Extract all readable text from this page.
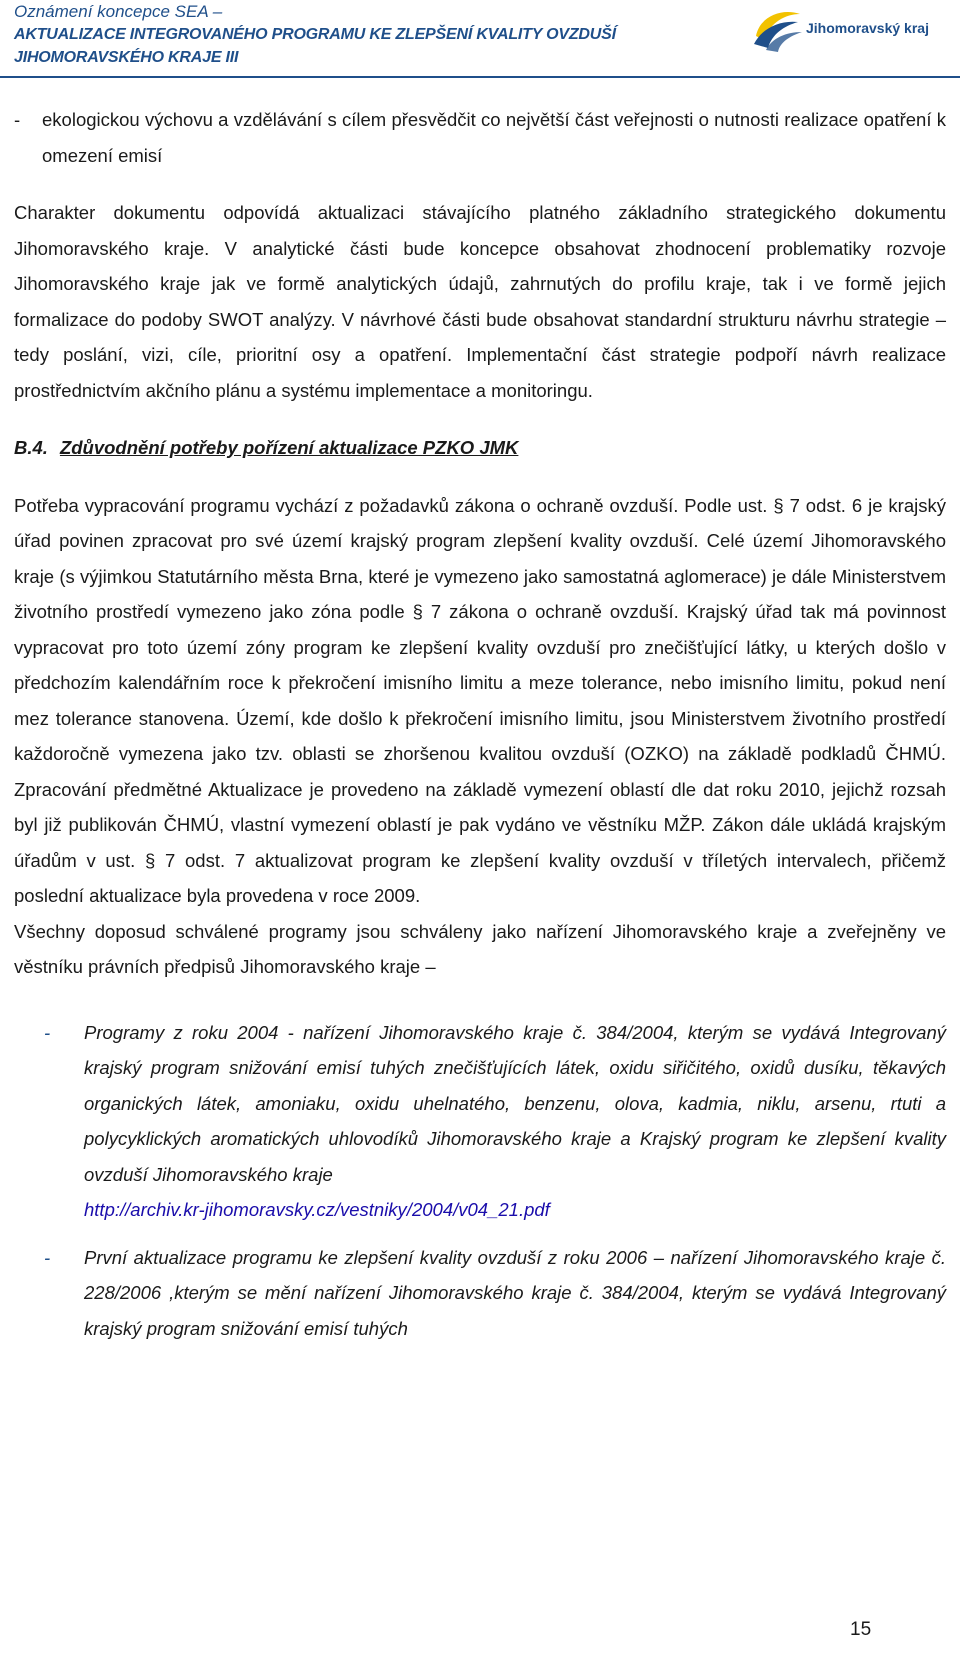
Oznámení koncepce SEA –
AKTUALIZACE INTEGROVANÉHO PROGRAMU KE ZLEPŠENÍ KVALITY OVZDUŠÍ
JIHOMORAVSKÉHO KRAJE III
Jihomoravský kraj
- ekologickou výchovu a vzdělávání s cílem přesvědčit co největší část veřejnosti o nutnosti realizace opatření k omezení emisí

Charakter dokumentu odpovídá aktualizaci stávajícího platného základního strategického dokumentu Jihomoravského kraje. V analytické části bude koncepce obsahovat zhodnocení problematiky rozvoje Jihomoravského kraje jak ve formě analytických údajů, zahrnutých do profilu kraje, tak i ve formě jejich formalizace do podoby SWOT analýzy. V návrhové části bude obsahovat standardní strukturu návrhu strategie – tedy poslání, vizi, cíle, prioritní osy a opatření. Implementační část strategie podpoří návrh realizace prostřednictvím akčního plánu a systému implementace a monitoringu.

B.4. Zdůvodnění potřeby pořízení aktualizace PZKO JMK

Potřeba vypracování programu vychází z požadavků zákona o ochraně ovzduší. Podle ust. § 7 odst. 6 je krajský úřad povinen zpracovat pro své území krajský program zlepšení kvality ovzduší. Celé území Jihomoravského kraje (s výjimkou Statutárního města Brna, které je vymezeno jako samostatná aglomerace) je dále Ministerstvem životního prostředí vymezeno jako zóna podle § 7 zákona o ochraně ovzduší. Krajský úřad tak má povinnost vypracovat pro toto území zóny program ke zlepšení kvality ovzduší pro znečišťující látky, u kterých došlo v předchozím kalendářním roce k překročení imisního limitu a meze tolerance, nebo imisního limitu, pokud není mez tolerance stanovena. Území, kde došlo k překročení imisního limitu, jsou Ministerstvem životního prostředí každoročně vymezena jako tzv. oblasti se zhoršenou kvalitou ovzduší (OZKO) na základě podkladů ČHMÚ. Zpracování předmětné Aktualizace je provedeno na základě vymezení oblastí dle dat roku 2010, jejichž rozsah byl již publikován ČHMÚ, vlastní vymezení oblastí je pak vydáno ve věstníku MŽP. Zákon dále ukládá krajským úřadům v ust. § 7 odst. 7 aktualizovat program ke zlepšení kvality ovzduší v tříletých intervalech, přičemž poslední aktualizace byla provedena v roce 2009.

Všechny doposud schválené programy jsou schváleny jako nařízení Jihomoravského kraje a zveřejněny ve věstníku právních předpisů Jihomoravského kraje –

- Programy z roku 2004 - nařízení Jihomoravského kraje č. 384/2004, kterým se vydává Integrovaný krajský program snižování emisí tuhých znečišťujících látek, oxidu siřičitého, oxidů dusíku, těkavých organických látek, amoniaku, oxidu uhelnatého, benzenu, olova, kadmia, niklu, arsenu, rtuti a polycyklických aromatických uhlovodíků Jihomoravského kraje a Krajský program ke zlepšení kvality ovzduší Jihomoravského kraje
http://archiv.kr-jihomoravsky.cz/vestniky/2004/v04_21.pdf
- První aktualizace programu ke zlepšení kvality ovzduší z roku 2006 – nařízení Jihomoravského kraje č. 228/2006 ,kterým se mění nařízení Jihomoravského kraje č. 384/2004, kterým se vydává Integrovaný krajský program snižování emisí tuhých
15
